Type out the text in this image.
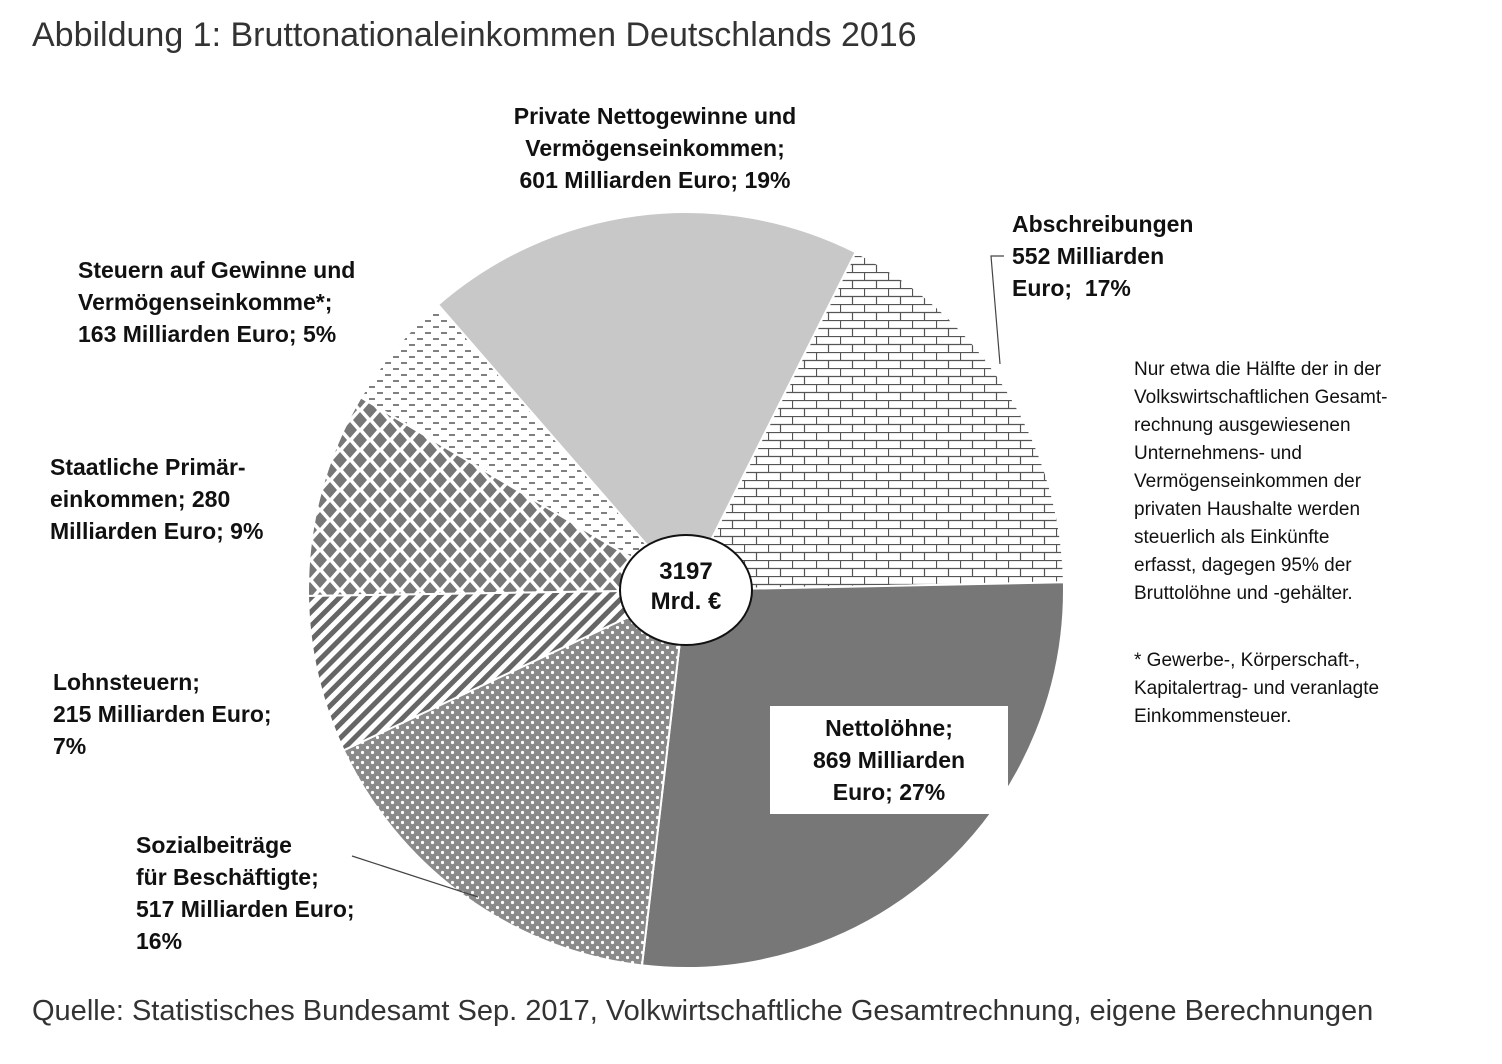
Abbildung 1: Bruttonationaleinkommen Deutschlands 2016
3197
Mrd. €
Private Nettogewinne und
Vermögenseinkommen;
601 Milliarden Euro; 19%
Abschreibungen
552 Milliarden
Euro;  17%
Steuern auf Gewinne und
Vermögenseinkomme*;
163 Milliarden Euro; 5%
Staatliche Primär-
einkommen; 280
Milliarden Euro; 9%
Lohnsteuern;
215 Milliarden Euro;
7%
Sozialbeiträge
für Beschäftigte;
517 Milliarden Euro;
16%
Nettolöhne;
869 Milliarden
Euro; 27%
Nur etwa die Hälfte der in der
Volkswirtschaftlichen Gesamt-
rechnung ausgewiesenen
Unternehmens- und
Vermögenseinkommen der
privaten Haushalte werden
steuerlich als Einkünfte
erfasst, dagegen 95% der
Bruttolöhne und -gehälter.
* Gewerbe-, Körperschaft-,
Kapitalertrag- und veranlagte
Einkommensteuer.
Quelle: Statistisches Bundesamt Sep. 2017, Volkwirtschaftliche Gesamtrechnung, eigene Berechnungen
